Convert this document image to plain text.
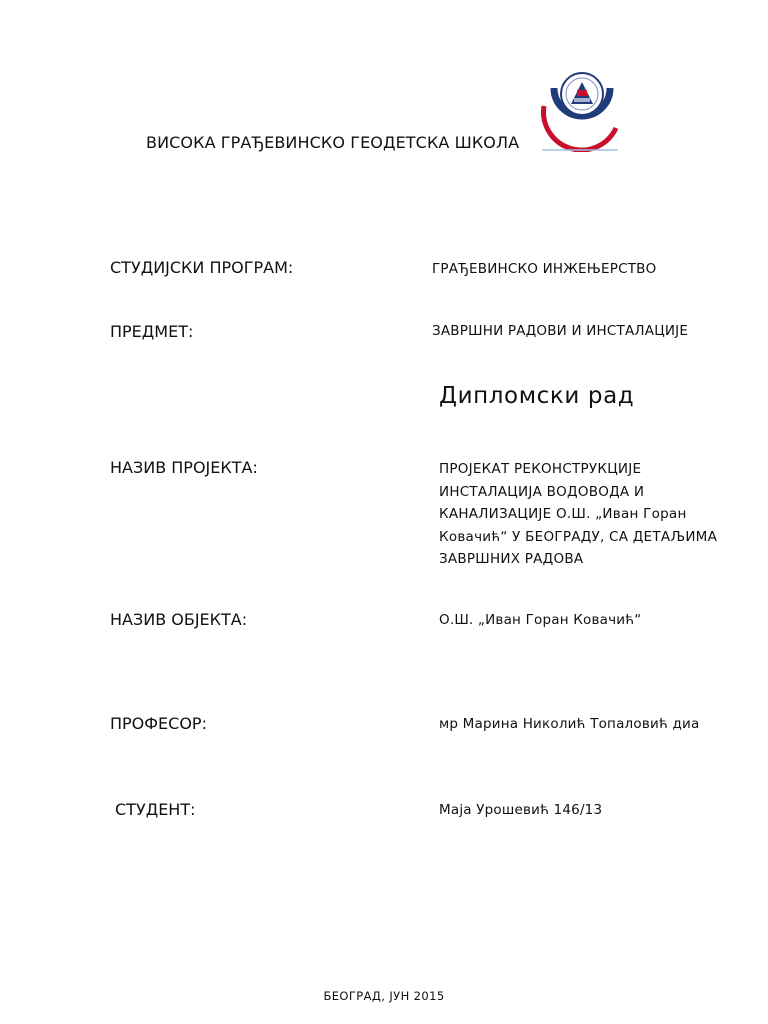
ВИСОКА ГРАЂЕВИНСКО ГЕОДЕТСКА ШКОЛА
СТУДИЈСКИ ПРОГРАМ:	ГРАЂЕВИНСКО ИНЖЕЊЕРСТВО
ПРЕДМЕТ:	ЗАВРШНИ РАДОВИ И ИНСТАЛАЦИЈЕ
Дипломски рад
НАЗИВ ПРОЈЕКТА:	ПРОЈЕКАТ РЕКОНСТРУКЦИЈЕ
ИНСТАЛАЦИЈА ВОДОВОДА И
КАНАЛИЗАЦИЈЕ О.Ш. „Иван Горан
Ковачић“ У БЕОГРАДУ, СА ДЕТАЉИМА
ЗАВРШНИХ РАДОВА
НАЗИВ ОБЈЕКТА:	О.Ш. „Иван Горан Ковачић“
ПРОФЕСОР:	мр Марина Николић Топаловић диа
СТУДЕНТ:	Маја Урошевић 146/13
БЕОГРАД, ЈУН 2015
